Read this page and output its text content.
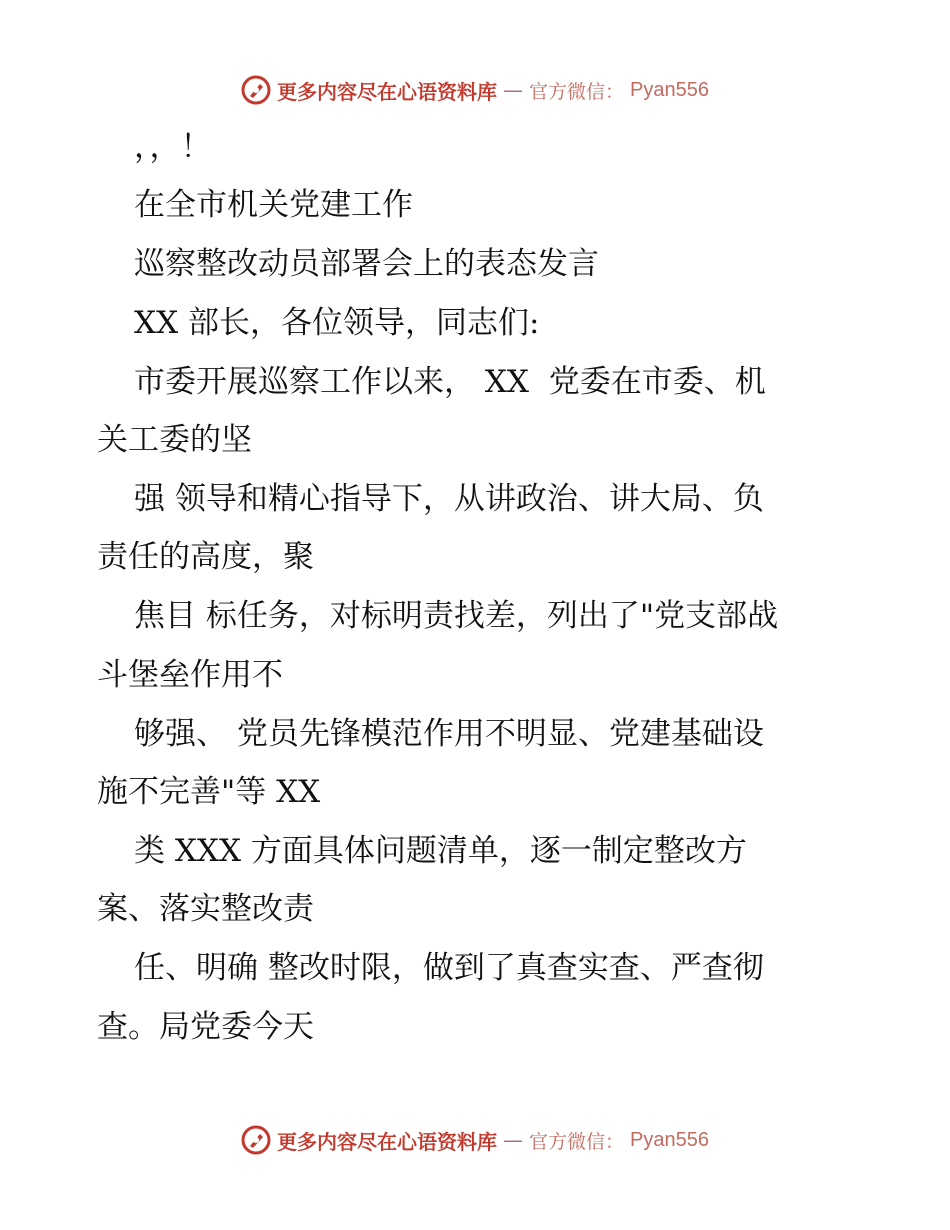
更多内容尽在心语资料库 — 官方微信： Pyan556
，，！
在全市机关党建工作
巡察整改动员部署会上的表态发言
XX 部长，各位领导，同志们:
市委开展巡察工作以来， XX  党委在市委、机
关工委的坚
强 领导和精心指导下，从讲政治、讲大局、负
责任的高度，聚
焦目 标任务，对标明责找差，列出了"党支部战
斗堡垒作用不
够强、 党员先锋模范作用不明显、党建基础设
施不完善"等 XX
类 XXX 方面具体问题清单，逐一制定整改方
案、落实整改责
任、明确 整改时限，做到了真查实查、严查彻
查。局党委今天
更多内容尽在心语资料库 — 官方微信： Pyan556
